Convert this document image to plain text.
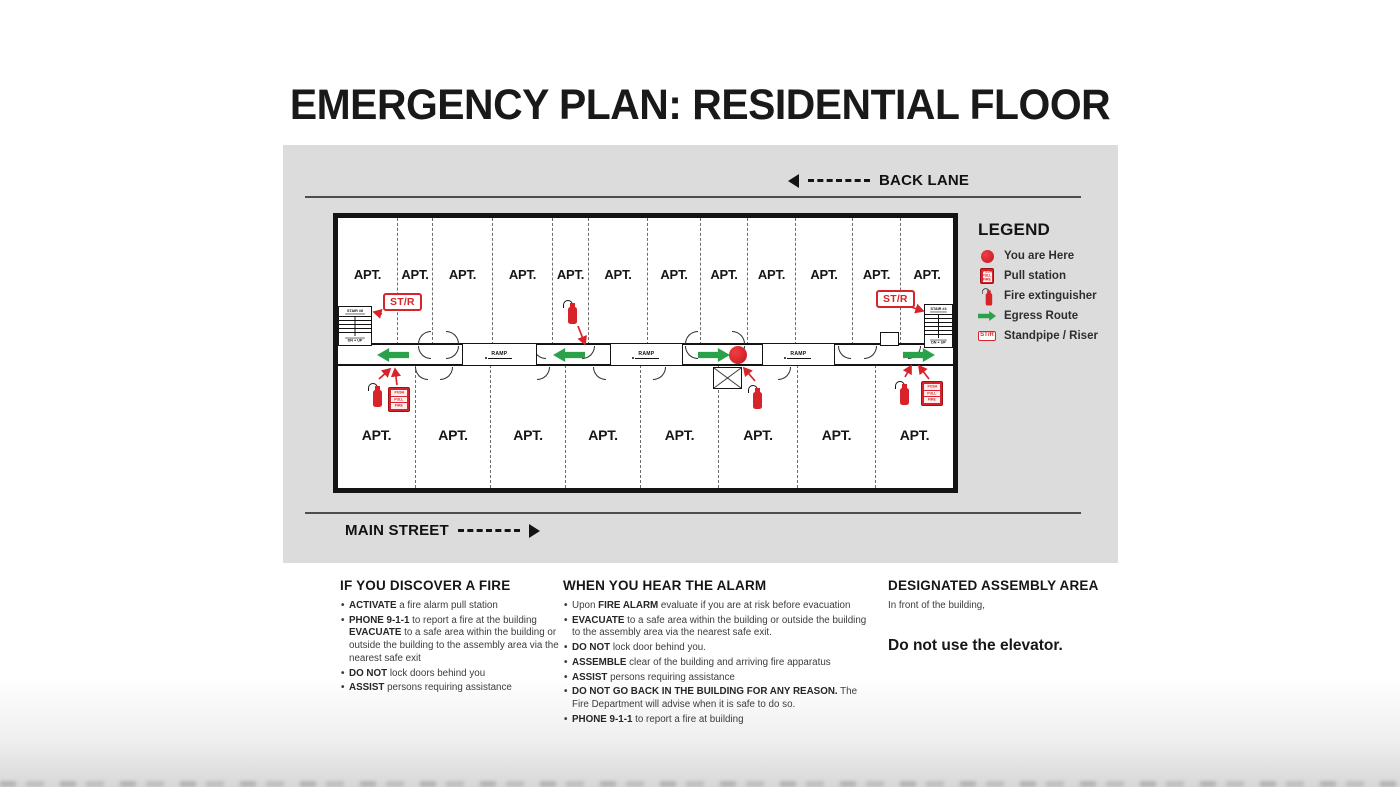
EMERGENCY PLAN: RESIDENTIAL FLOOR
BACK LANE
APT. APT. APT.	APT. APT. APT. APT. APT. APT. APT. APT. APT.
APT.	APT.	APT.	APT.	APT.	APT.	APT.	APT.
STAIR #6
DN + UP
STAIR #4
DN + UP
ST/R	ST/R
PUSH
PULL
FIRE
PUSH
PULL
FIRE
RAMP	RAMP	RAMP
LEGEND
You are Here
PUSH
PULL
FIRE Pull station
Fire extinguisher
Egress Route
ST/R Standpipe / Riser
MAIN STREET
IF YOU DISCOVER A FIRE
• ACTIVATE a fire alarm pull station
• PHONE 9-1-1 to report a fire at the building EVACUATE to a safe area within the building or outside the building to the assembly area via the nearest safe exit
• DO NOT lock doors behind you
• ASSIST persons requiring assistance
WHEN YOU HEAR THE ALARM
• Upon FIRE ALARM evaluate if you are at risk before evacuation
• EVACUATE to a safe area within the building or outside the building to the assembly area via the nearest safe exit.
• DO NOT lock door behind you.
• ASSEMBLE clear of the building and arriving fire apparatus
• ASSIST persons requiring assistance
• DO NOT GO BACK IN THE BUILDING FOR ANY REASON. The Fire Department will advise when it is safe to do so.
• PHONE 9-1-1 to report a fire at building
DESIGNATED ASSEMBLY AREA

In front of the building,

Do not use the elevator.
